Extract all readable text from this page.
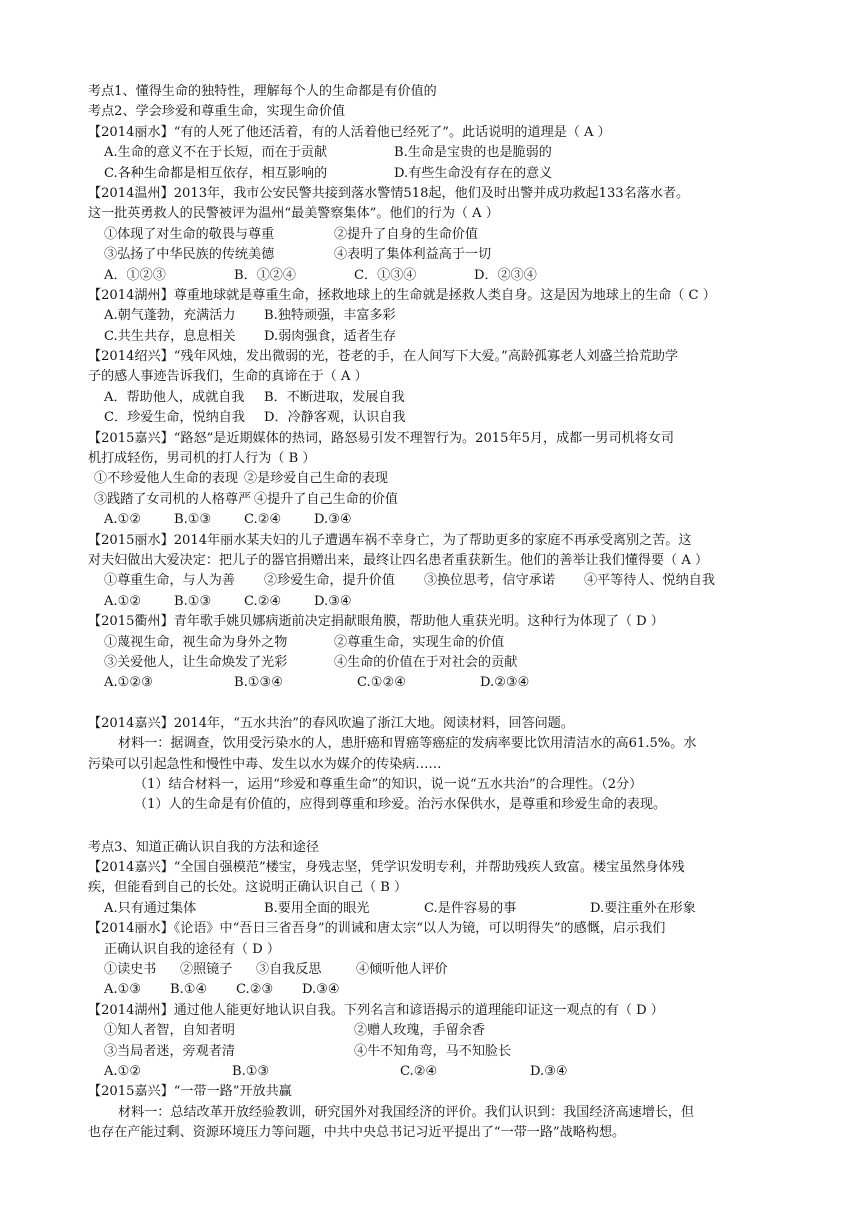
考点1、懂得生命的独特性，理解每个人的生命都是有价值的
考点2、学会珍爱和尊重生命，实现生命价值
【2014丽水】“有的人死了他还活着，有的人活着他已经死了”。此话说明的道理是（ A ）
A.生命的意义不在于长短，而在于贡献	B.生命是宝贵的也是脆弱的
C.各种生命都是相互依存，相互影响的	D.有些生命没有存在的意义
【2014温州】2013年，我市公安民警共接到落水警情518起，他们及时出警并成功救起133名落水者。
这一批英勇救人的民警被评为温州“最美警察集体”。他们的行为（ A ）
①体现了对生命的敬畏与尊重	②提升了自身的生命价值
③弘扬了中华民族的传统美德	④表明了集体利益高于一切
A．①②③	B．①②④	C．①③④	D．②③④
【2014湖州】尊重地球就是尊重生命，拯救地球上的生命就是拯救人类自身。这是因为地球上的生命（ C ）
A.朝气蓬勃，充满活力	B.独特顽强，丰富多彩
C.共生共存，息息相关	D.弱肉强食，适者生存
【2014绍兴】“残年风烛，发出微弱的光，苍老的手，在人间写下大爱。”高龄孤寡老人刘盛兰拾荒助学
子的感人事迹告诉我们，生命的真谛在于（ A ）
A．帮助他人，成就自我	B．不断进取，发展自我
C．珍爱生命，悦纳自我	D．冷静客观，认识自我
【2015嘉兴】“路怒”是近期媒体的热词，路怒易引发不理智行为。2015年5月，成都一男司机将女司
机打成轻伤，男司机的打人行为（ B ）
①不珍爱他人生命的表现 ②是珍爱自己生命的表现
③践踏了女司机的人格尊严 ④提升了自己生命的价值
A.①②	B.①③	C.②④	D.③④
【2015丽水】2014年丽水某夫妇的儿子遭遇车祸不幸身亡，为了帮助更多的家庭不再承受离别之苦。这
对夫妇做出大爱决定：把儿子的器官捐赠出来，最终让四名患者重获新生。他们的善举让我们懂得要（ A ）
①尊重生命，与人为善	②珍爱生命，提升价值	③换位思考，信守承诺	④平等待人、悦纳自我
A.①②	B.①③	C.②④	D.③④
【2015衢州】青年歌手姚贝娜病逝前决定捐献眼角膜，帮助他人重获光明。这种行为体现了（ D ）
①蔑视生命，视生命为身外之物	②尊重生命，实现生命的价值
③关爱他人，让生命焕发了光彩	④生命的价值在于对社会的贡献
A.①②③	B.①③④	C.①②④	D.②③④
【2014嘉兴】2014年，“五水共治”的春风吹遍了浙江大地。阅读材料，回答问题。
材料一：据调查，饮用受污染水的人，患肝癌和胃癌等癌症的发病率要比饮用清洁水的高61.5%。水
污染可以引起急性和慢性中毒、发生以水为媒介的传染病……
（1）结合材料一，运用“珍爱和尊重生命”的知识，说一说“五水共治”的合理性。（2分）
（1）人的生命是有价值的，应得到尊重和珍爱。治污水保供水，是尊重和珍爱生命的表现。
考点3、知道正确认识自我的方法和途径
【2014嘉兴】“全国自强模范”楼宝，身残志坚，凭学识发明专利，并帮助残疾人致富。楼宝虽然身体残
疾，但能看到自己的长处。这说明正确认识自己（ B ）
A.只有通过集体	B.要用全面的眼光	C.是件容易的事	D.要注重外在形象
【2014丽水】《论语》中“吾日三省吾身”的训诫和唐太宗“以人为镜，可以明得失”的感慨，启示我们
正确认识自我的途径有（ D ）
①读史书	②照镜子	③自我反思	④倾听他人评价
A.①③	B.①④	C.②③	D.③④
【2014湖州】通过他人能更好地认识自我。下列名言和谚语揭示的道理能印证这一观点的有（ D ）
①知人者智，自知者明	②赠人玫瑰，手留余香
③当局者迷，旁观者清	④牛不知角弯，马不知脸长
A.①②	B.①③	C.②④	D.③④
【2015嘉兴】“一带一路”开放共赢
材料一：总结改革开放经验教训，研究国外对我国经济的评价。我们认识到：我国经济高速增长，但
也存在产能过剩、资源环境压力等问题，中共中央总书记习近平提出了“一带一路”战略构想。
